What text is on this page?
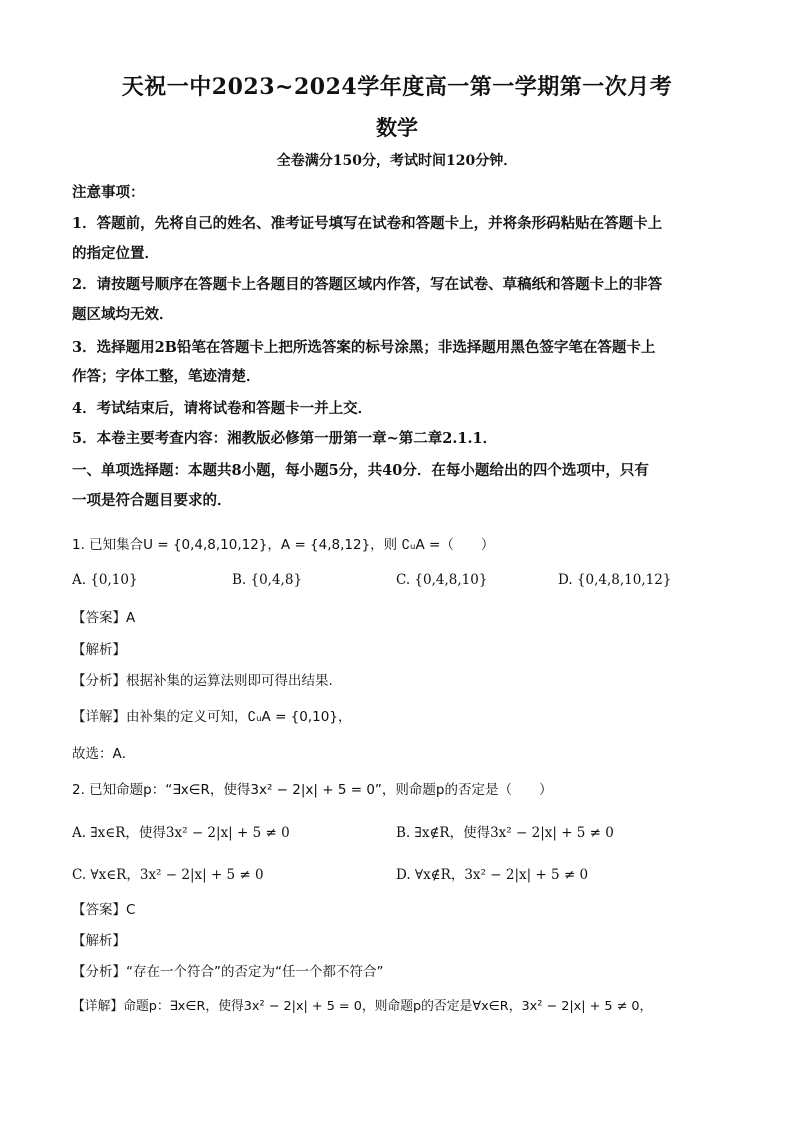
天祝一中2023~2024学年度高一第一学期第一次月考
数学
全卷满分150分，考试时间120分钟．
注意事项：
1．答题前，先将自己的姓名、准考证号填写在试卷和答题卡上，并将条形码粘贴在答题卡上
的指定位置．
2．请按题号顺序在答题卡上各题目的答题区域内作答，写在试卷、草稿纸和答题卡上的非答
题区域均无效．
3．选择题用2B铅笔在答题卡上把所选答案的标号涂黑；非选择题用黑色签字笔在答题卡上
作答；字体工整，笔迹清楚．
4．考试结束后，请将试卷和答题卡一并上交．
5．本卷主要考查内容：湘教版必修第一册第一章~第二章2.1.1．
一、单项选择题：本题共8小题，每小题5分，共40分．在每小题给出的四个选项中，只有
一项是符合题目要求的．
1. 已知集合U = {0,4,8,10,12}，A = {4,8,12}，则 ∁ᵤA =（　　）
A. {0,10}	B. {0,4,8}	C. {0,4,8,10}	D. {0,4,8,10,12}
【答案】A
【解析】
【分析】根据补集的运算法则即可得出结果.
【详解】由补集的定义可知，∁ᵤA = {0,10}，
故选：A．
2. 已知命题p：“∃x∈R，使得3x² − 2|x| + 5 = 0”，则命题p的否定是（　　）
A. ∃x∈R，使得3x² − 2|x| + 5 ≠ 0	B. ∃x∉R，使得3x² − 2|x| + 5 ≠ 0
C. ∀x∈R，3x² − 2|x| + 5 ≠ 0	D. ∀x∉R，3x² − 2|x| + 5 ≠ 0
【答案】C
【解析】
【分析】“存在一个符合”的否定为“任一个都不符合”
【详解】命题p：∃x∈R，使得3x² − 2|x| + 5 = 0，则命题p的否定是∀x∈R，3x² − 2|x| + 5 ≠ 0，
